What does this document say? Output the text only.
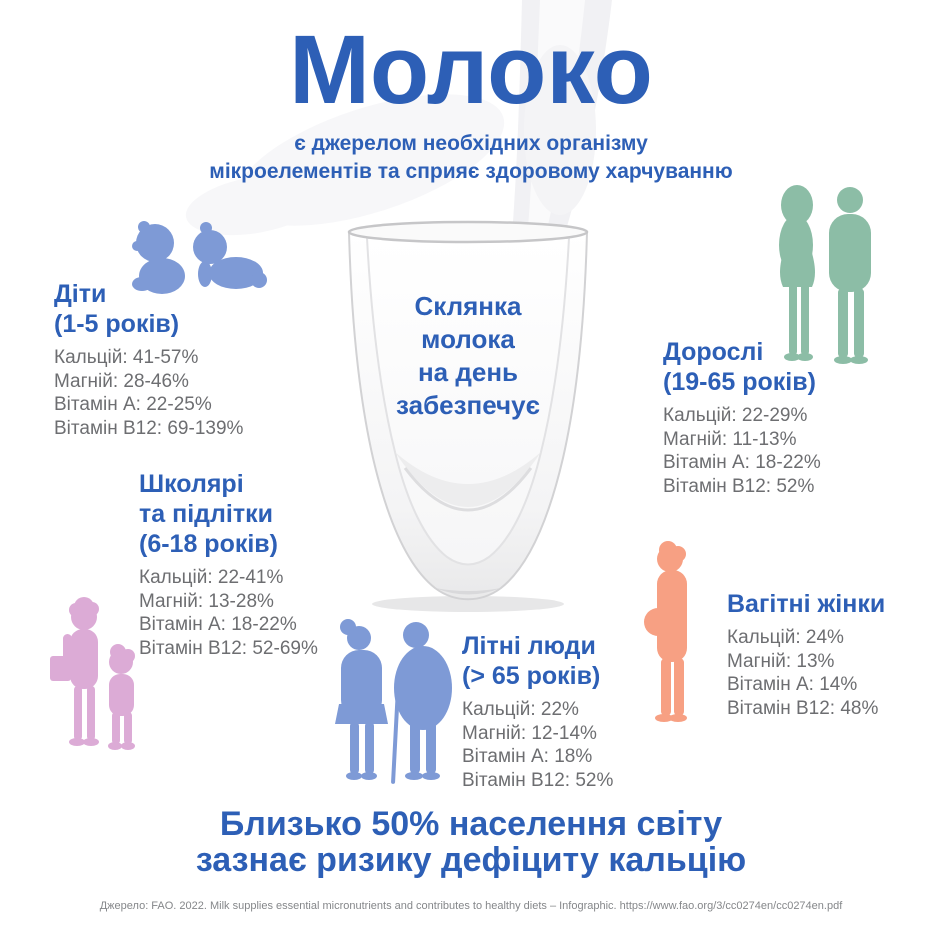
Молоко
є джерелом необхідних організму
мікроелементів та сприяє здоровому харчуванню
Склянка
молока
на день
забезпечує
Діти
(1-5 років)
Кальцій: 41-57%
Магній: 28-46%
Вітамін А: 22-25%
Вітамін В12: 69-139%
Школярі
та підлітки
(6-18 років)
Кальцій: 22-41%
Магній: 13-28%
Вітамін А: 18-22%
Вітамін В12: 52-69%
Дорослі
(19-65 років)
Кальцій: 22-29%
Магній: 11-13%
Вітамін А: 18-22%
Вітамін В12: 52%
Літні люди
(> 65 років)
Кальцій: 22%
Магній: 12-14%
Вітамін А: 18%
Вітамін В12: 52%
Вагітні жінки
Кальцій: 24%
Магній: 13%
Вітамін А: 14%
Вітамін В12: 48%
Близько 50% населення світу
зазнає ризику дефіциту кальцію
Джерело: FAO. 2022. Milk supplies essential micronutrients and contributes to healthy diets – Infographic. https://www.fao.org/3/cc0274en/cc0274en.pdf
